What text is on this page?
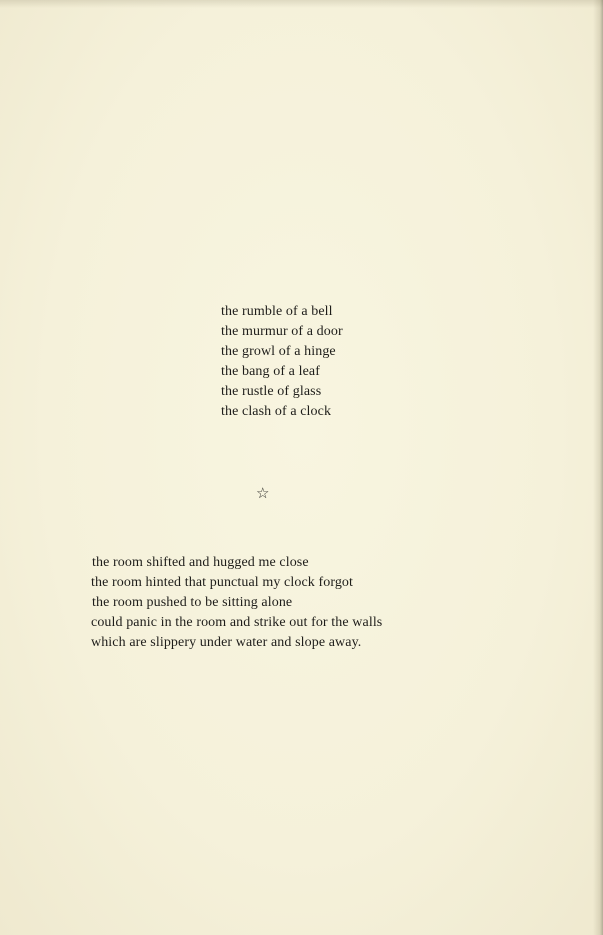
the rumble of a bell
the murmur of a door
the growl of a hinge
the bang of a leaf
the rustle of glass
the clash of a clock
☆
the room shifted and hugged me close
the room hinted that punctual my clock forgot
the room pushed to be sitting alone
could panic in the room and strike out for the walls
which are slippery under water and slope away.
